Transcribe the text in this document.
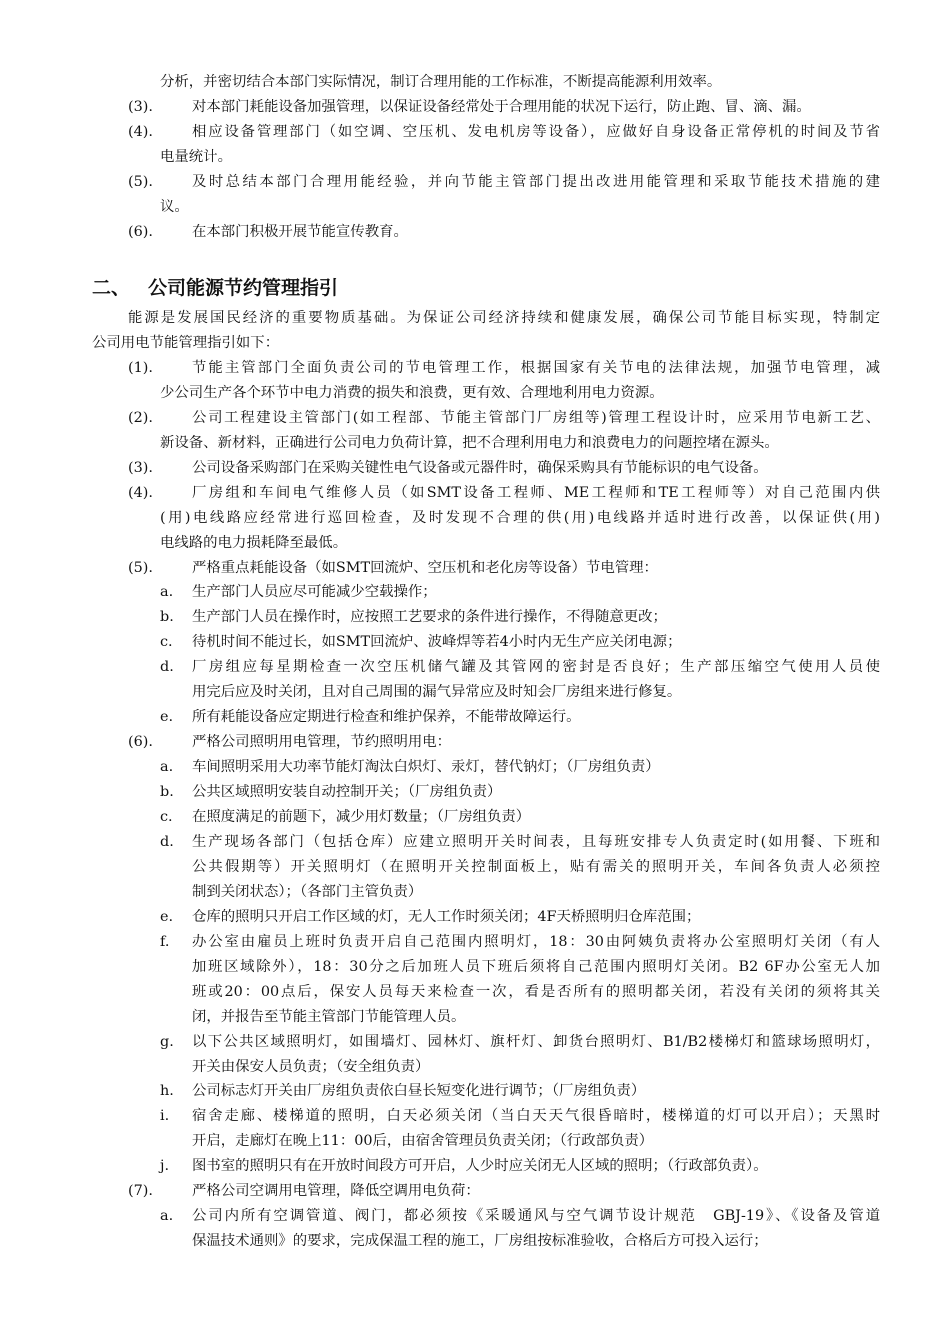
二、 公司能源节约管理指引
分析，并密切结合本部门实际情况，制订合理用能的工作标准，不断提高能源利用效率。
(3).	对本部门耗能设备加强管理，以保证设备经常处于合理用能的状况下运行，防止跑、冒、滴、漏。
(4).	相应设备管理部门（如空调、空压机、发电机房等设备），应做好自身设备正常停机的时间及节省
电量统计。
(5).	及时总结本部门合理用能经验，并向节能主管部门提出改进用能管理和采取节能技术措施的建
议。
(6).	在本部门积极开展节能宣传教育。
能源是发展国民经济的重要物质基础。为保证公司经济持续和健康发展，确保公司节能目标实现，特制定
公司用电节能管理指引如下：
(1).	节能主管部门全面负责公司的节电管理工作，根据国家有关节电的法律法规，加强节电管理，减
少公司生产各个环节中电力消费的损失和浪费，更有效、合理地利用电力资源。
(2).	公司工程建设主管部门(如工程部、节能主管部门厂房组等)管理工程设计时，应采用节电新工艺、
新设备、新材料，正确进行公司电力负荷计算，把不合理利用电力和浪费电力的问题控堵在源头。
(3).	公司设备采购部门在采购关键性电气设备或元器件时，确保采购具有节能标识的电气设备。
(4).	厂房组和车间电气维修人员（如SMT设备工程师、ME工程师和TE工程师等）对自己范围内供
(用)电线路应经常进行巡回检查，及时发现不合理的供(用)电线路并适时进行改善，以保证供(用)
电线路的电力损耗降至最低。
(5).	严格重点耗能设备（如SMT回流炉、空压机和老化房等设备）节电管理：
a. 生产部门人员应尽可能减少空载操作；
b. 生产部门人员在操作时，应按照工艺要求的条件进行操作，不得随意更改；
c. 待机时间不能过长，如SMT回流炉、波峰焊等若4小时内无生产应关闭电源；
d. 厂房组应每星期检查一次空压机储气罐及其管网的密封是否良好；生产部压缩空气使用人员使
用完后应及时关闭，且对自己周围的漏气异常应及时知会厂房组来进行修复。
e. 所有耗能设备应定期进行检查和维护保养，不能带故障运行。
(6).	严格公司照明用电管理，节约照明用电：
a. 车间照明采用大功率节能灯淘汰白炽灯、汞灯，替代钠灯；（厂房组负责）
b. 公共区域照明安装自动控制开关；（厂房组负责）
c. 在照度满足的前题下，减少用灯数量；（厂房组负责）
d. 生产现场各部门（包括仓库）应建立照明开关时间表，且每班安排专人负责定时(如用餐、下班和
公共假期等）开关照明灯（在照明开关控制面板上，贴有需关的照明开关，车间各负责人必须控
制到关闭状态）；（各部门主管负责）
e. 仓库的照明只开启工作区域的灯，无人工作时须关闭；4F天桥照明归仓库范围；
f. 办公室由雇员上班时负责开启自己范围内照明灯，18：30由阿姨负责将办公室照明灯关闭（有人
加班区域除外），18：30分之后加班人员下班后须将自己范围内照明灯关闭。B2 6F办公室无人加
班或20：00点后，保安人员每天来检查一次，看是否所有的照明都关闭，若没有关闭的须将其关
闭，并报告至节能主管部门节能管理人员。
g. 以下公共区域照明灯，如围墙灯、园林灯、旗杆灯、卸货台照明灯、B1/B2楼梯灯和篮球场照明灯，
开关由保安人员负责；（安全组负责）
h. 公司标志灯开关由厂房组负责依白昼长短变化进行调节；（厂房组负责）
i. 宿舍走廊、楼梯道的照明，白天必须关闭（当白天天气很昏暗时，楼梯道的灯可以开启）；天黑时
开启，走廊灯在晚上11：00后，由宿舍管理员负责关闭；（行政部负责）
j. 图书室的照明只有在开放时间段方可开启，人少时应关闭无人区域的照明；（行政部负责）。
(7).	严格公司空调用电管理，降低空调用电负荷：
a. 公司内所有空调管道、阀门，都必须按《采暖通风与空气调节设计规范　GBJ-19》、《设备及管道
保温技术通则》的要求，完成保温工程的施工，厂房组按标准验收，合格后方可投入运行；
